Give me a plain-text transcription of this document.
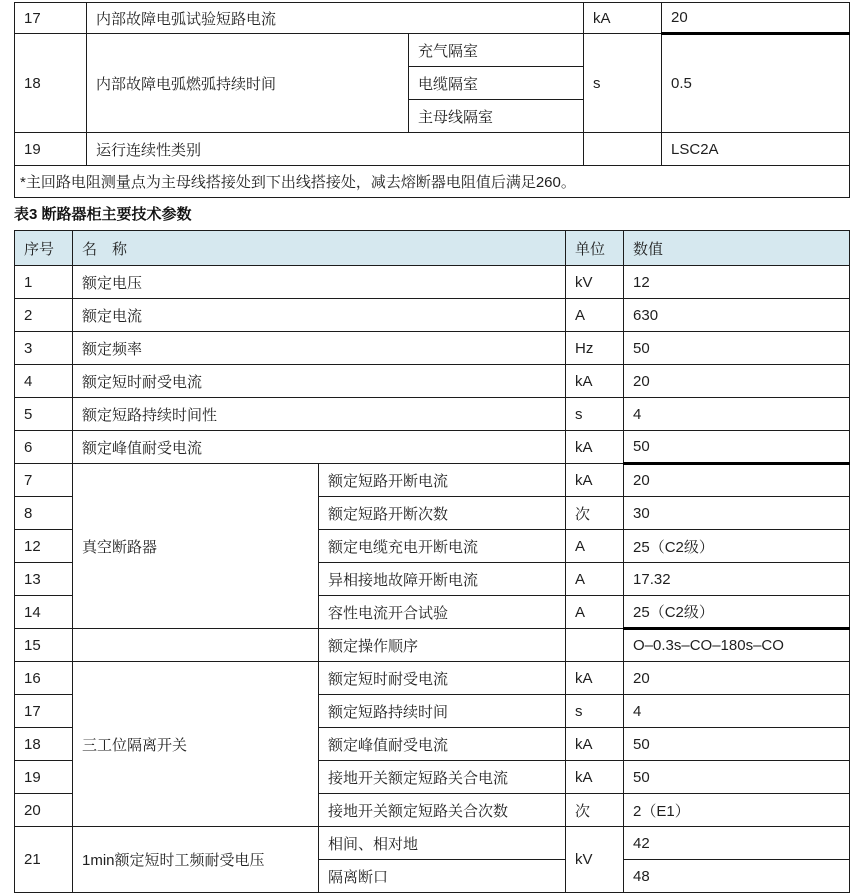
17	内部故障电弧试验短路电流		kA	20
18	内部故障电弧燃弧持续时间	充气隔室	s	0.5
		电缆隔室		
		主母线隔室		
19	运行连续性类别			LSC2A
*主回路电阻测量点为主母线搭接处到下出线搭接处，减去熔断器电阻值后满足260。				
表3 断路器柜主要技术参数
序号	名　称		单位	数值
1	额定电压		kV	12
2	额定电流		A	630
3	额定频率		Hz	50
4	额定短时耐受电流		kA	20
5	额定短路持续时间性		s	4
6	额定峰值耐受电流		kA	50
7	真空断路器	额定短路开断电流	kA	20
8		额定短路开断次数	次	30
12		额定电缆充电开断电流	A	25（C2级）
13		异相接地故障开断电流	A	17.32
14		容性电流开合试验	A	25（C2级）
15		额定操作顺序		O–0.3s–CO–180s–CO
16	三工位隔离开关	额定短时耐受电流	kA	20
17		额定短路持续时间	s	4
18		额定峰值耐受电流	kA	50
19		接地开关额定短路关合电流	kA	50
20		接地开关额定短路关合次数	次	2（E1）
21	1min额定短时工频耐受电压	相间、相对地	kV	42
		隔离断口		48
